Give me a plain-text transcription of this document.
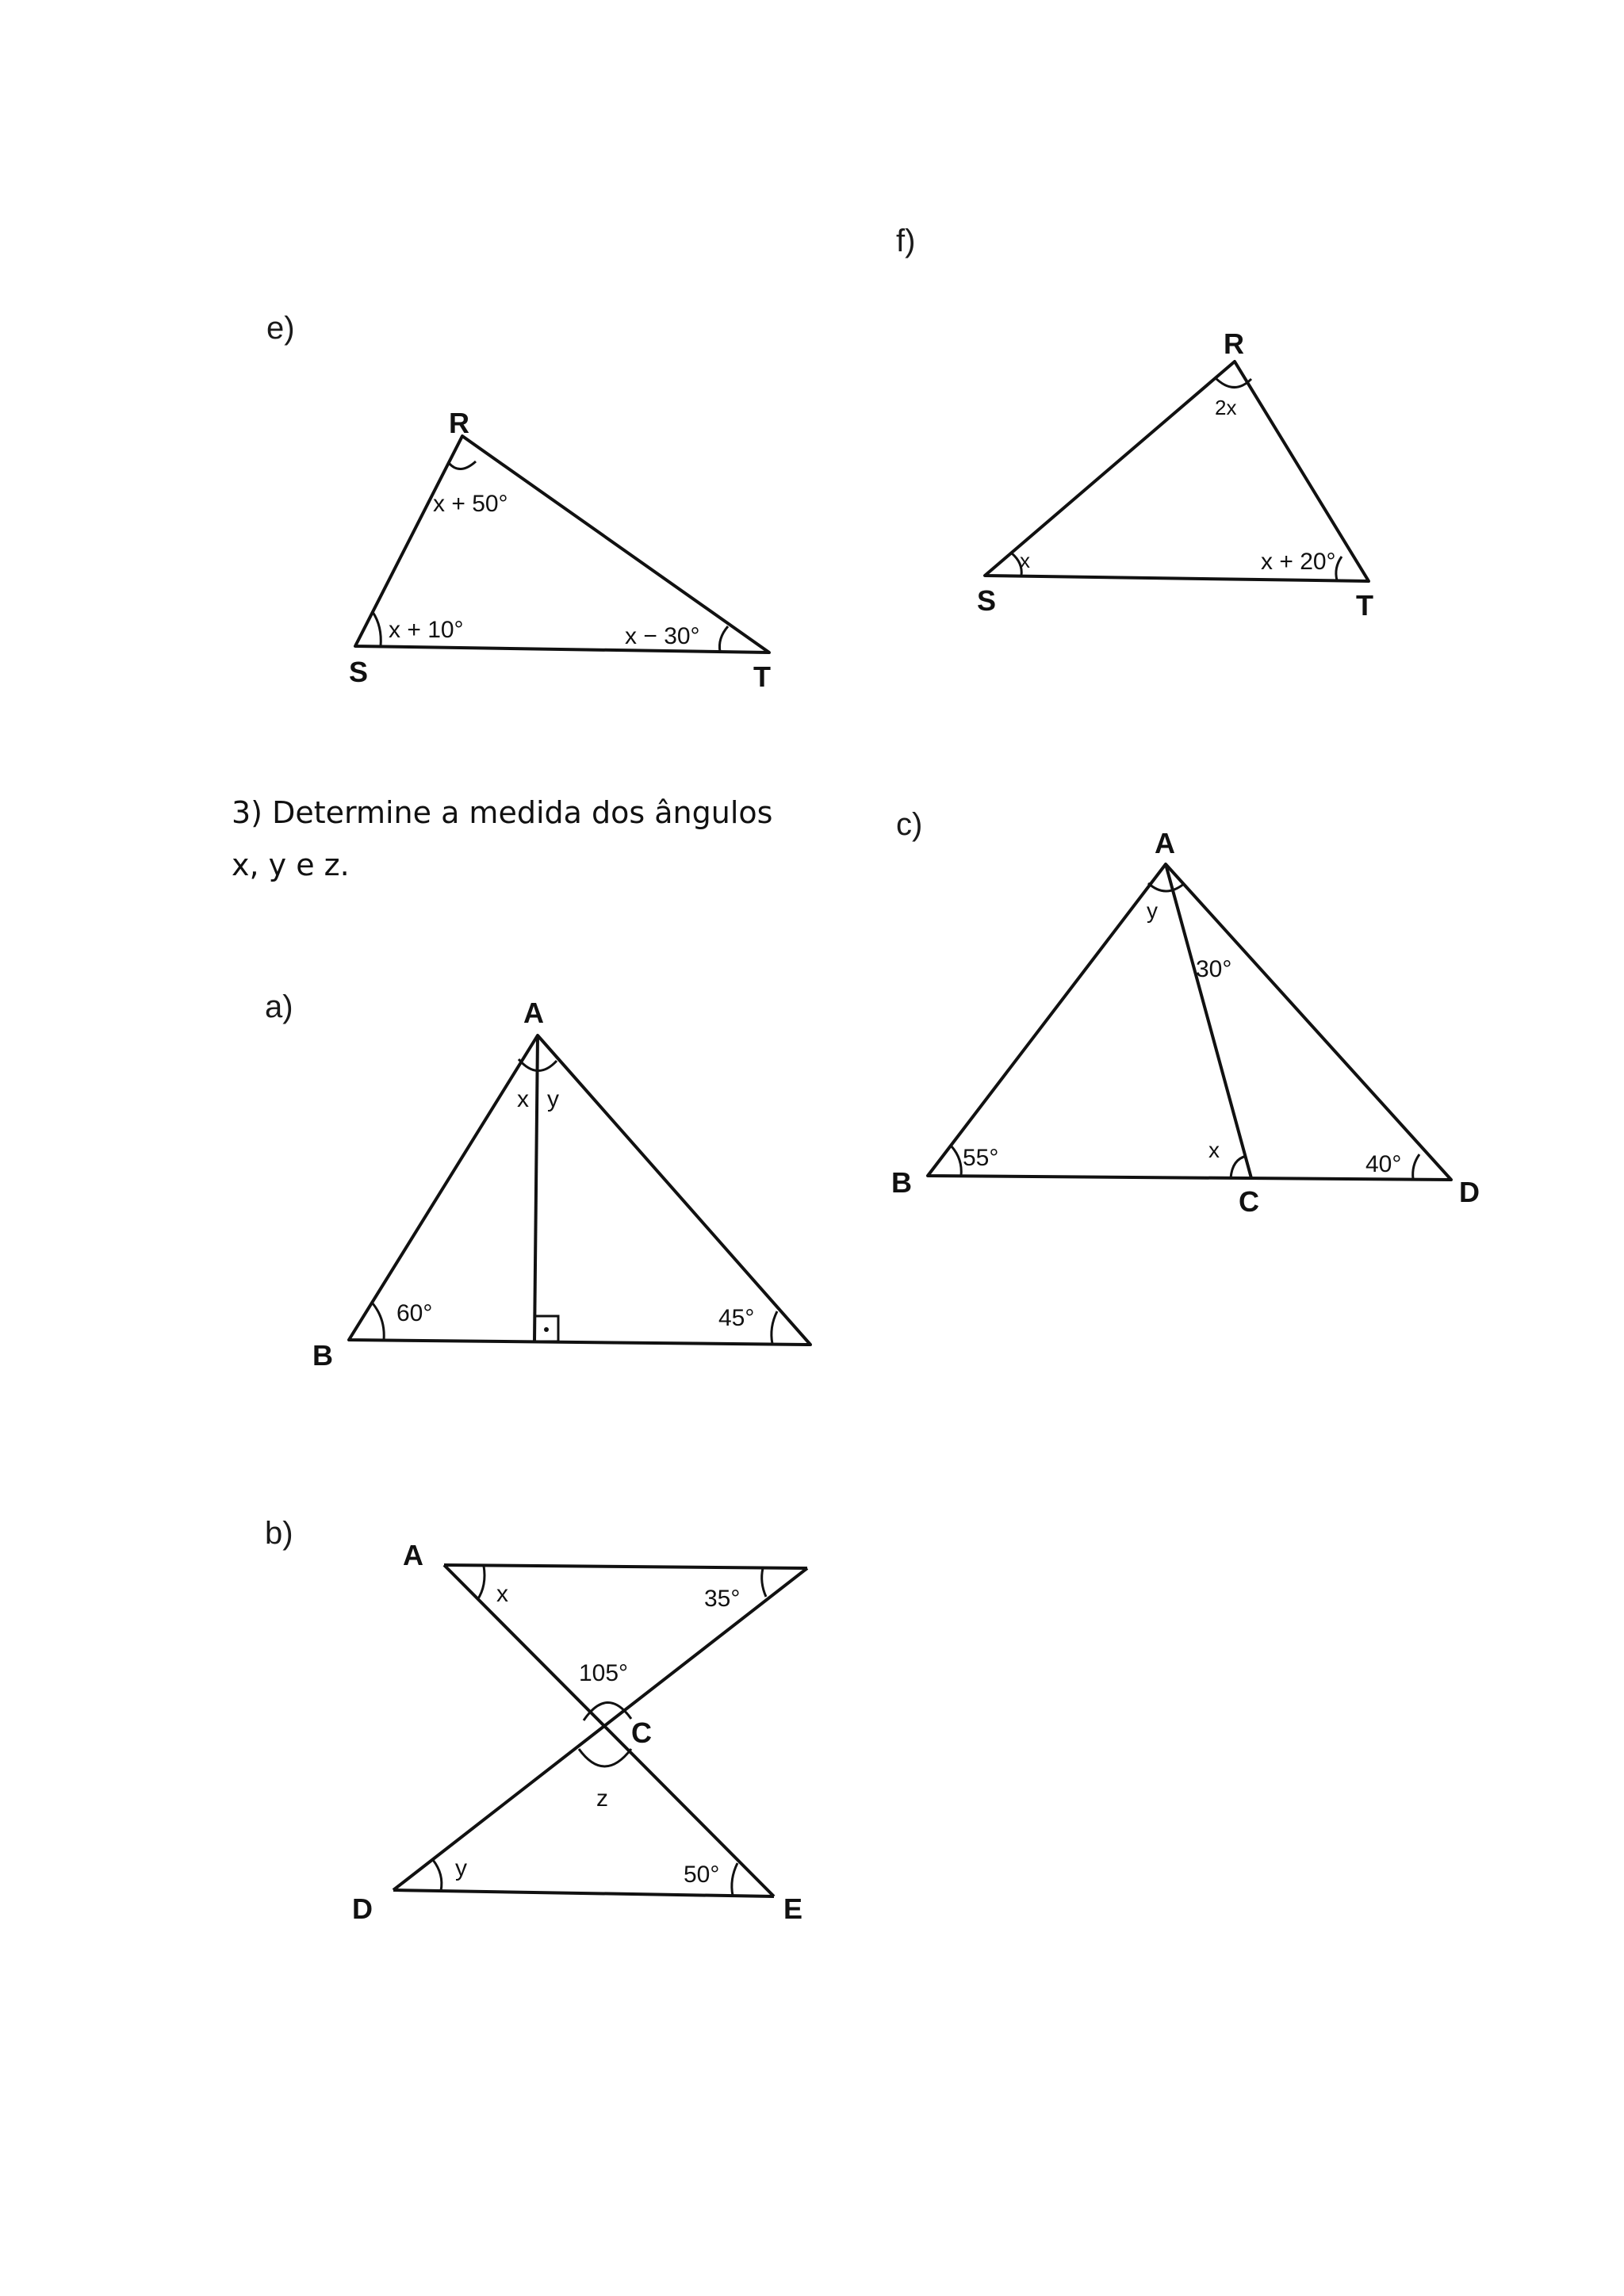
e)
f)
c)
a)
b)
3) Determine a medida dos ângulos
x, y e z.
R
S	T
x + 50°
x + 10°	x − 30°
R
S	T
2x
x	x + 20°
A
B
C	D
y
30°
55°	x
40°
A
B
x y
60°	45°
A
C
D	E
x	35°
105°
z
y	50°
